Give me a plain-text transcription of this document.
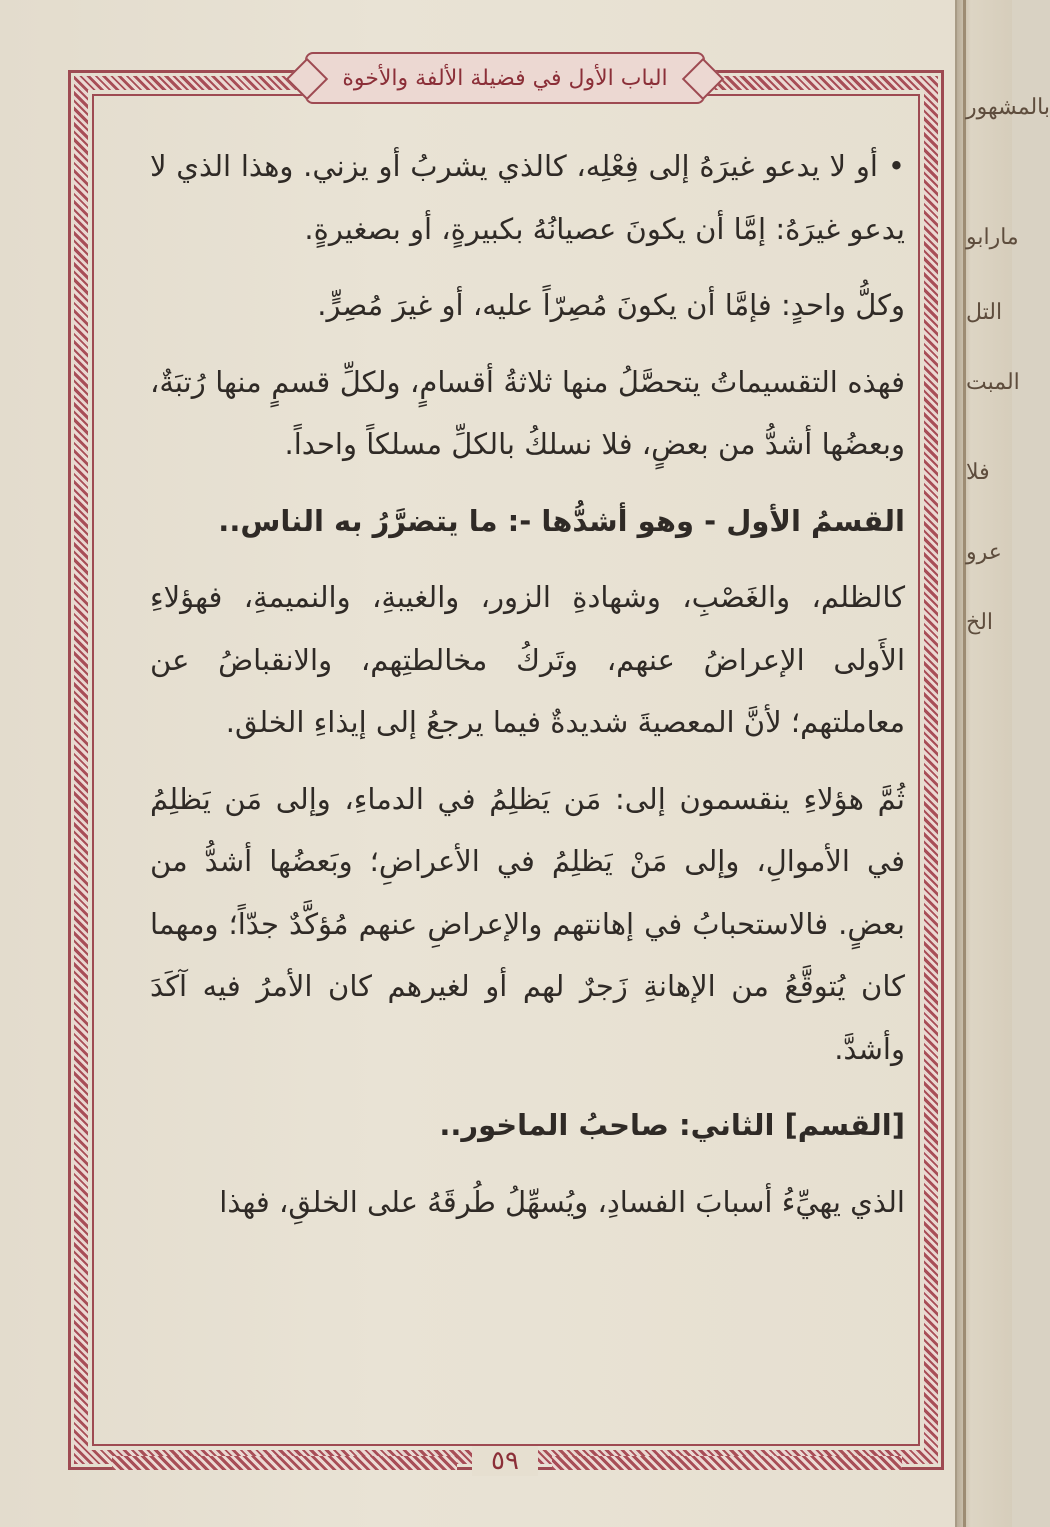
الباب الأول في فضيلة الألفة والأخوة

•أو لا يدعو غيرَهُ إلى فِعْلِه، كالذي يشربُ أو يزني. وهذا الذي لا يدعو غيرَهُ: إمَّا أن يكونَ عصيانُهُ بكبيرةٍ، أو بصغيرةٍ.

وكلُّ واحدٍ: فإمَّا أن يكونَ مُصِرّاً عليه، أو غيرَ مُصِرٍّ.

فهذه التقسيماتُ يتحصَّلُ منها ثلاثةُ أقسامٍ، ولكلِّ قسمٍ منها رُتبَةٌ، وبعضُها أشدُّ من بعضٍ، فلا نسلكُ بالكلِّ مسلكاً واحداً.

القسمُ الأول - وهو أشدُّها -: ما يتضرَّرُ به الناس..

كالظلم، والغَصْبِ، وشهادةِ الزور، والغيبةِ، والنميمةِ، فهؤلاءِ الأَولى الإعراضُ عنهم، وتَركُ مخالطتِهم، والانقباضُ عن معاملتهم؛ لأنَّ المعصيةَ شديدةٌ فيما يرجعُ إلى إيذاءِ الخلق.

ثُمَّ هؤلاءِ ينقسمون إلى: مَن يَظلِمُ في الدماءِ، وإلى مَن يَظلِمُ في الأموالِ، وإلى مَنْ يَظلِمُ في الأعراضِ؛ وبَعضُها أشدُّ من بعضٍ. فالاستحبابُ في إهانتهم والإعراضِ عنهم مُؤكَّدٌ جدّاً؛ ومهما كان يُتوقَّعُ من الإهانةِ زَجرٌ لهم أو لغيرهم كان الأمرُ فيه آكَدَ وأشدَّ.

[القسم] الثاني: صاحبُ الماخور..

الذي يهيِّءُ أسبابَ الفسادِ، ويُسهِّلُ طُرقَهُ على الخلقِ، فهذا

٥٩
بالمشهور
مارابو
التل
المبت
فلا
عرو
الخ
